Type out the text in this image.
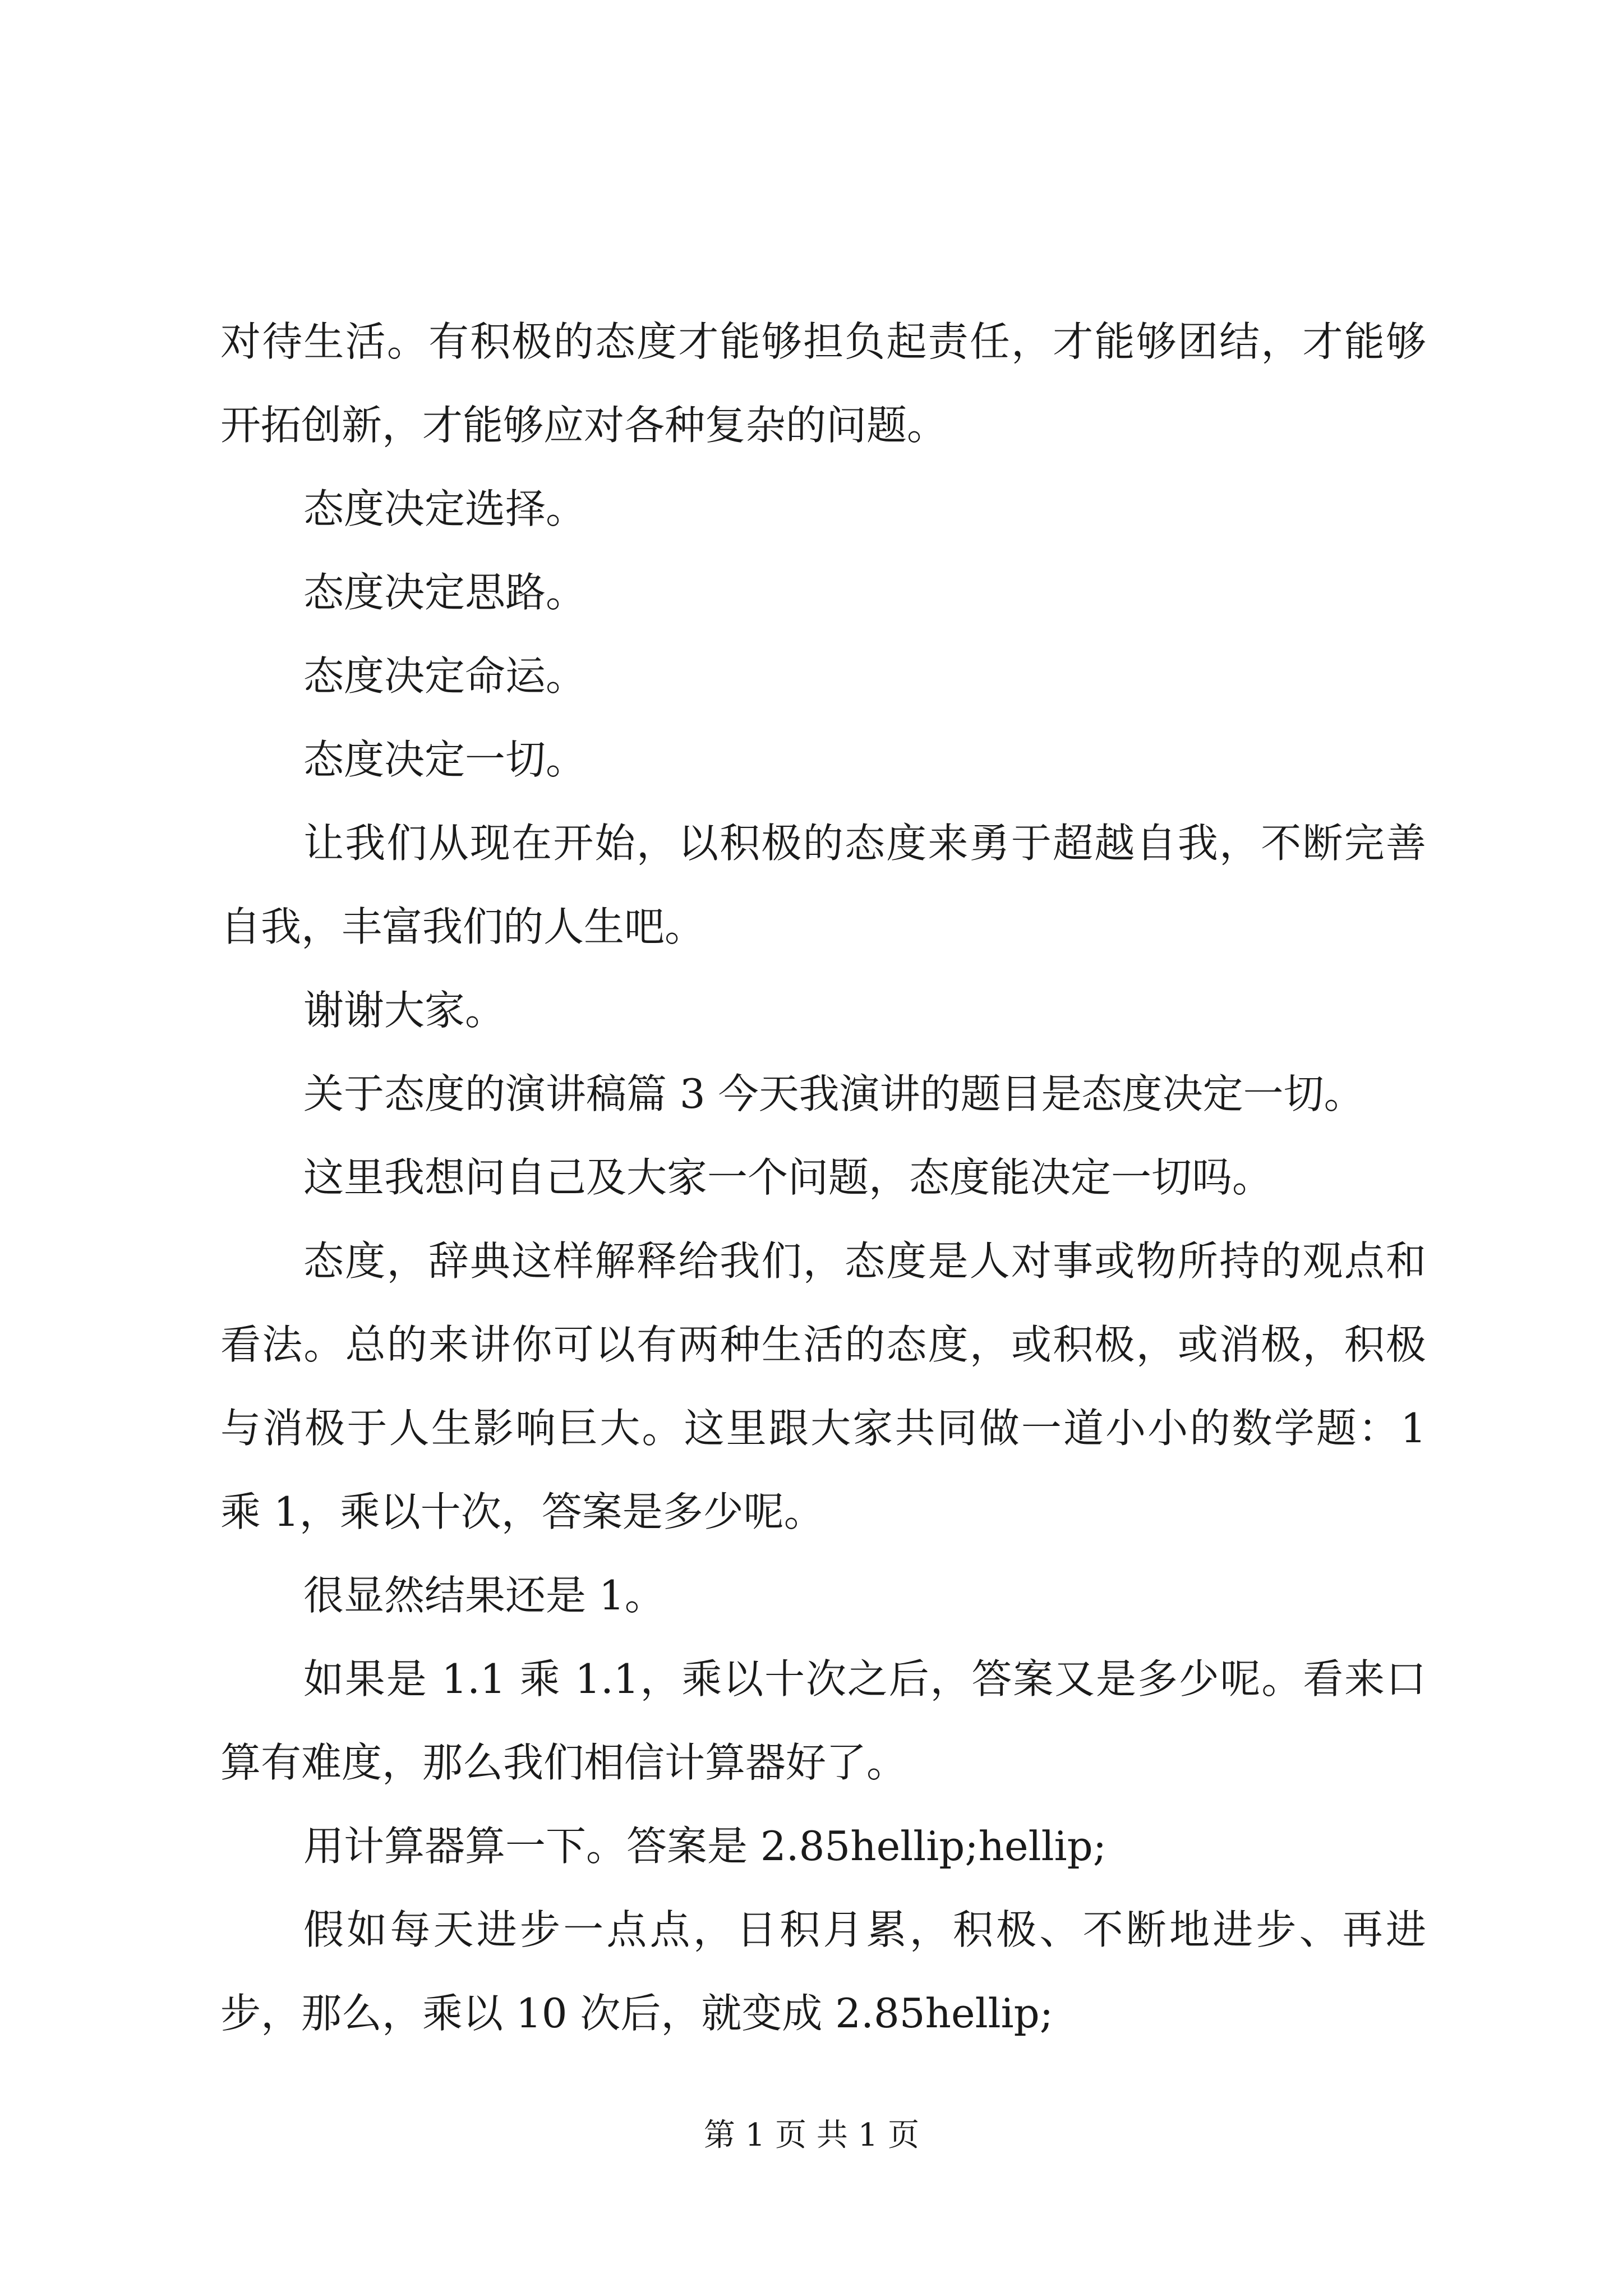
对待生活。有积极的态度才能够担负起责任，才能够团结，才能够开拓创新，才能够应对各种复杂的问题。

态度决定选择。

态度决定思路。

态度决定命运。

态度决定一切。

让我们从现在开始，以积极的态度来勇于超越自我，不断完善自我，丰富我们的人生吧。

谢谢大家。

关于态度的演讲稿篇 3 今天我演讲的题目是态度决定一切。

这里我想问自己及大家一个问题，态度能决定一切吗。

态度，辞典这样解释给我们，态度是人对事或物所持的观点和看法。总的来讲你可以有两种生活的态度，或积极，或消极，积极与消极于人生影响巨大。这里跟大家共同做一道小小的数学题：1 乘 1，乘以十次，答案是多少呢。

很显然结果还是 1。

如果是 1.1 乘 1.1，乘以十次之后，答案又是多少呢。看来口算有难度，那么我们相信计算器好了。

用计算器算一下。答案是 2.85hellip;hellip;

假如每天进步一点点，日积月累，积极、不断地进步、再进步，那么，乘以 10 次后，就变成 2.85hellip;

第 1 页 共 1 页
